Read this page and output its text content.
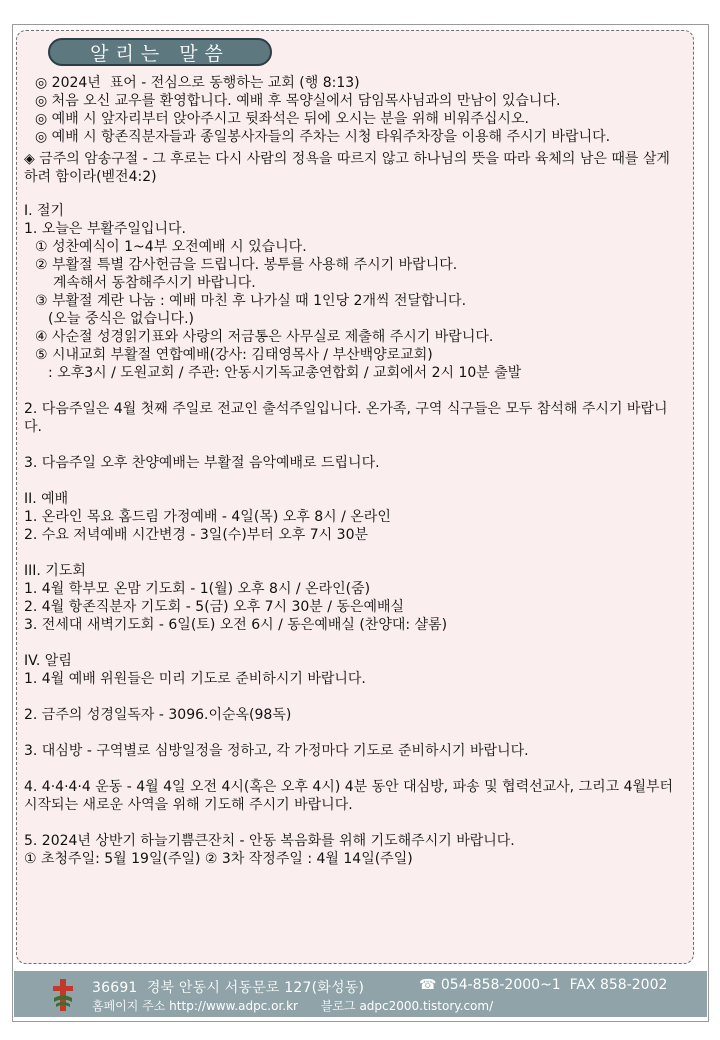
알리는 말씀
◎ 2024년  표어 - 전심으로 동행하는 교회 (행 8:13)
◎ 처음 오신 교우를 환영합니다. 예배 후 목양실에서 담임목사님과의 만남이 있습니다.
◎ 예배 시 앞자리부터 앉아주시고 뒷좌석은 뒤에 오시는 분을 위해 비워주십시오.
◎ 예배 시 항존직분자들과 종일봉사자들의 주차는 시청 타워주차장을 이용해 주시기 바랍니다.
◈ 금주의 암송구절 - 그 후로는 다시 사람의 정욕을 따르지 않고 하나님의 뜻을 따라 육체의 남은 때를 살게 하려 함이라(벧전4:2)
I. 절기
1. 오늘은 부활주일입니다.
① 성찬예식이 1~4부 오전예배 시 있습니다.
② 부활절 특별 감사헌금을 드립니다. 봉투를 사용해 주시기 바랍니다.
계속해서 동참해주시기 바랍니다.
③ 부활절 계란 나눔 : 예배 마친 후 나가실 때 1인당 2개씩 전달합니다.
(오늘 중식은 없습니다.)
④ 사순절 성경읽기표와 사랑의 저금통은 사무실로 제출해 주시기 바랍니다.
⑤ 시내교회 부활절 연합예배(강사: 김태영목사 / 부산백양로교회)
: 오후3시 / 도원교회 / 주관: 안동시기독교총연합회 / 교회에서 2시 10분 출발
2. 다음주일은 4월 첫째 주일로 전교인 출석주일입니다. 온가족, 구역 식구들은 모두 참석해 주시기 바랍니다.
3. 다음주일 오후 찬양예배는 부활절 음악예배로 드립니다.
II. 예배
1. 온라인 목요 홈드림 가정예배 - 4일(목) 오후 8시 / 온라인
2. 수요 저녁예배 시간변경 - 3일(수)부터 오후 7시 30분
III. 기도회
1. 4월 학부모 온맘 기도회 - 1(월) 오후 8시 / 온라인(줌)
2. 4월 항존직분자 기도회 - 5(금) 오후 7시 30분 / 동은예배실
3. 전세대 새벽기도회 - 6일(토) 오전 6시 / 동은예배실 (찬양대: 샬롬)
IV. 알림
1. 4월 예배 위원들은 미리 기도로 준비하시기 바랍니다.
2. 금주의 성경일독자 - 3096.이순옥(98독)
3. 대심방 - 구역별로 심방일정을 정하고, 각 가정마다 기도로 준비하시기 바랍니다.
4. 4·4·4·4 운동 - 4월 4일 오전 4시(혹은 오후 4시) 4분 동안 대심방, 파송 및 협력선교사, 그리고 4월부터 시작되는 새로운 사역을 위해 기도해 주시기 바랍니다.
5. 2024년 상반기 하늘기쁨큰잔치 - 안동 복음화를 위해 기도해주시기 바랍니다.
① 초청주일: 5월 19일(주일) ② 3차 작정주일 : 4월 14일(주일)
36691  경북 안동시 서동문로 127(화성동)	☎ 054-858-2000~1  FAX 858-2002
홈페이지 주소 http://www.adpc.or.kr      블로그 adpc2000.tistory.com/
